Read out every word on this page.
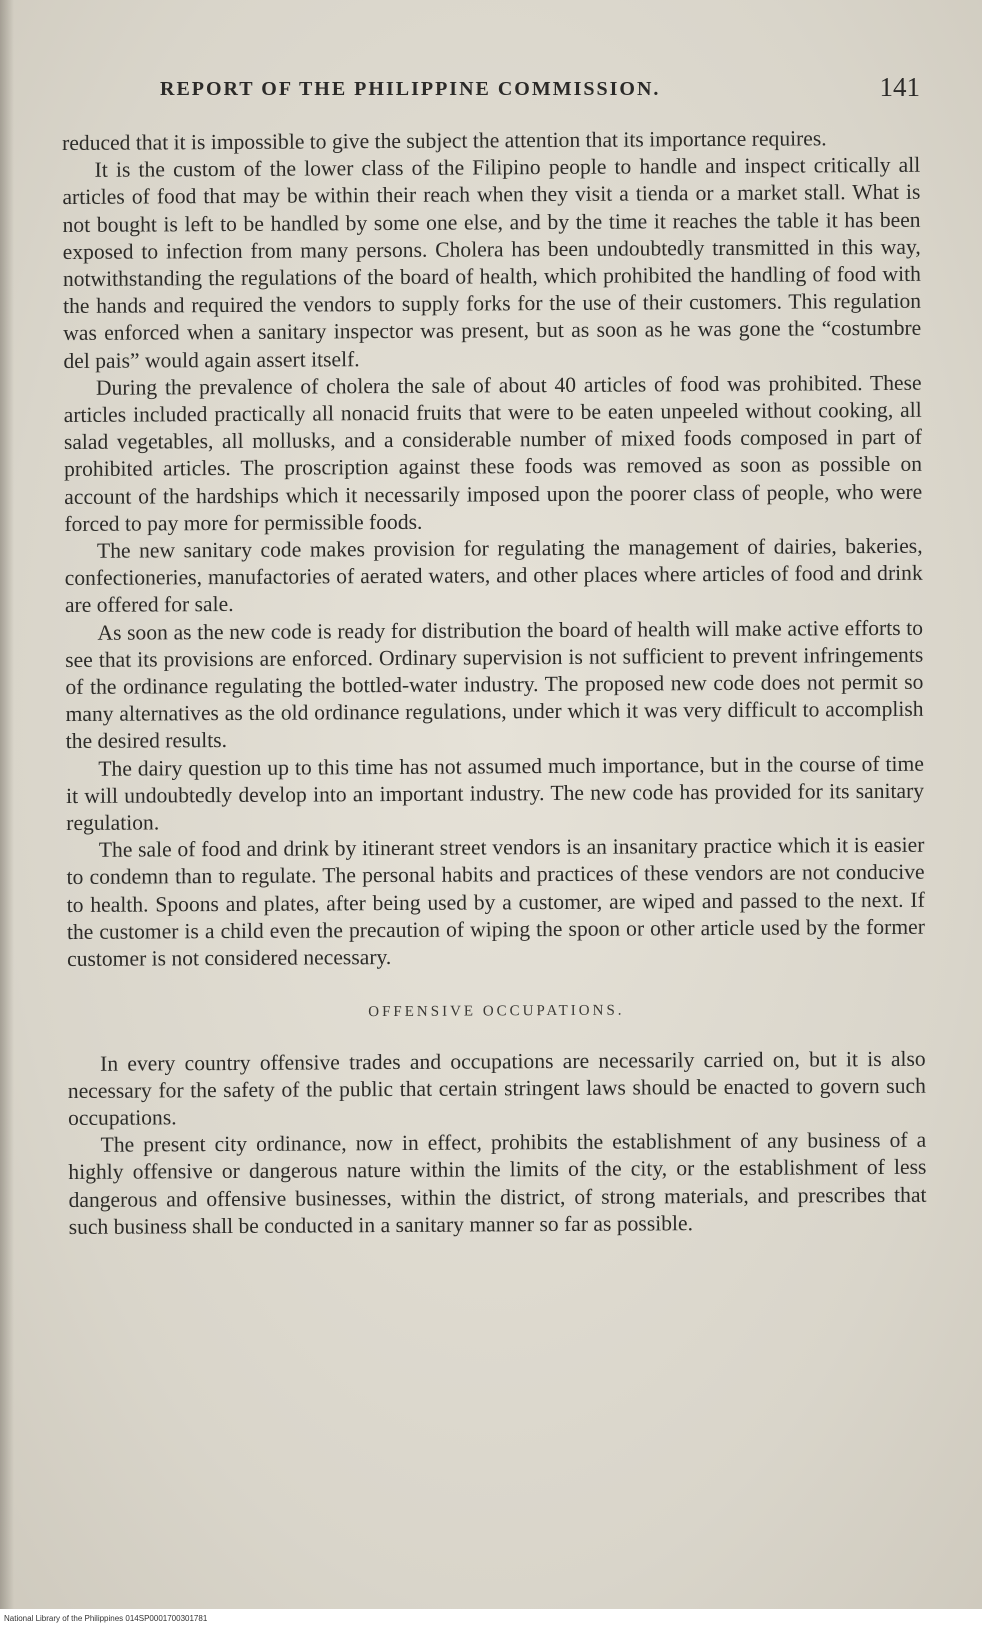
REPORT OF THE PHILIPPINE COMMISSION.	141

reduced that it is impossible to give the subject the attention that its importance requires.

It is the custom of the lower class of the Filipino people to handle and inspect critically all articles of food that may be within their reach when they visit a tienda or a market stall. What is not bought is left to be handled by some one else, and by the time it reaches the table it has been exposed to infection from many persons. Cholera has been undoubtedly transmitted in this way, notwithstanding the regulations of the board of health, which prohibited the handling of food with the hands and required the vendors to supply forks for the use of their customers. This regulation was enforced when a sanitary inspector was present, but as soon as he was gone the “costumbre del pais” would again assert itself.

During the prevalence of cholera the sale of about 40 articles of food was prohibited. These articles included practically all nonacid fruits that were to be eaten unpeeled without cooking, all salad vegetables, all mollusks, and a considerable number of mixed foods composed in part of prohibited articles. The proscription against these foods was removed as soon as possible on account of the hardships which it necessarily imposed upon the poorer class of people, who were forced to pay more for permissible foods.

The new sanitary code makes provision for regulating the management of dairies, bakeries, confectioneries, manufactories of aerated waters, and other places where articles of food and drink are offered for sale.

As soon as the new code is ready for distribution the board of health will make active efforts to see that its provisions are enforced. Ordinary supervision is not sufficient to prevent infringements of the ordinance regulating the bottled-water industry. The proposed new code does not permit so many alternatives as the old ordinance regulations, under which it was very difficult to accomplish the desired results.

The dairy question up to this time has not assumed much importance, but in the course of time it will undoubtedly develop into an important industry. The new code has provided for its sanitary regulation.

The sale of food and drink by itinerant street vendors is an insanitary practice which it is easier to condemn than to regulate. The personal habits and practices of these vendors are not conducive to health. Spoons and plates, after being used by a customer, are wiped and passed to the next. If the customer is a child even the precaution of wiping the spoon or other article used by the former customer is not considered necessary.

OFFENSIVE OCCUPATIONS.

In every country offensive trades and occupations are necessarily carried on, but it is also necessary for the safety of the public that certain stringent laws should be enacted to govern such occupations.

The present city ordinance, now in effect, prohibits the establishment of any business of a highly offensive or dangerous nature within the limits of the city, or the establishment of less dangerous and offensive businesses, within the district, of strong materials, and prescribes that such business shall be conducted in a sanitary manner so far as possible.

National Library of the Philippines 014SP0001700301781
